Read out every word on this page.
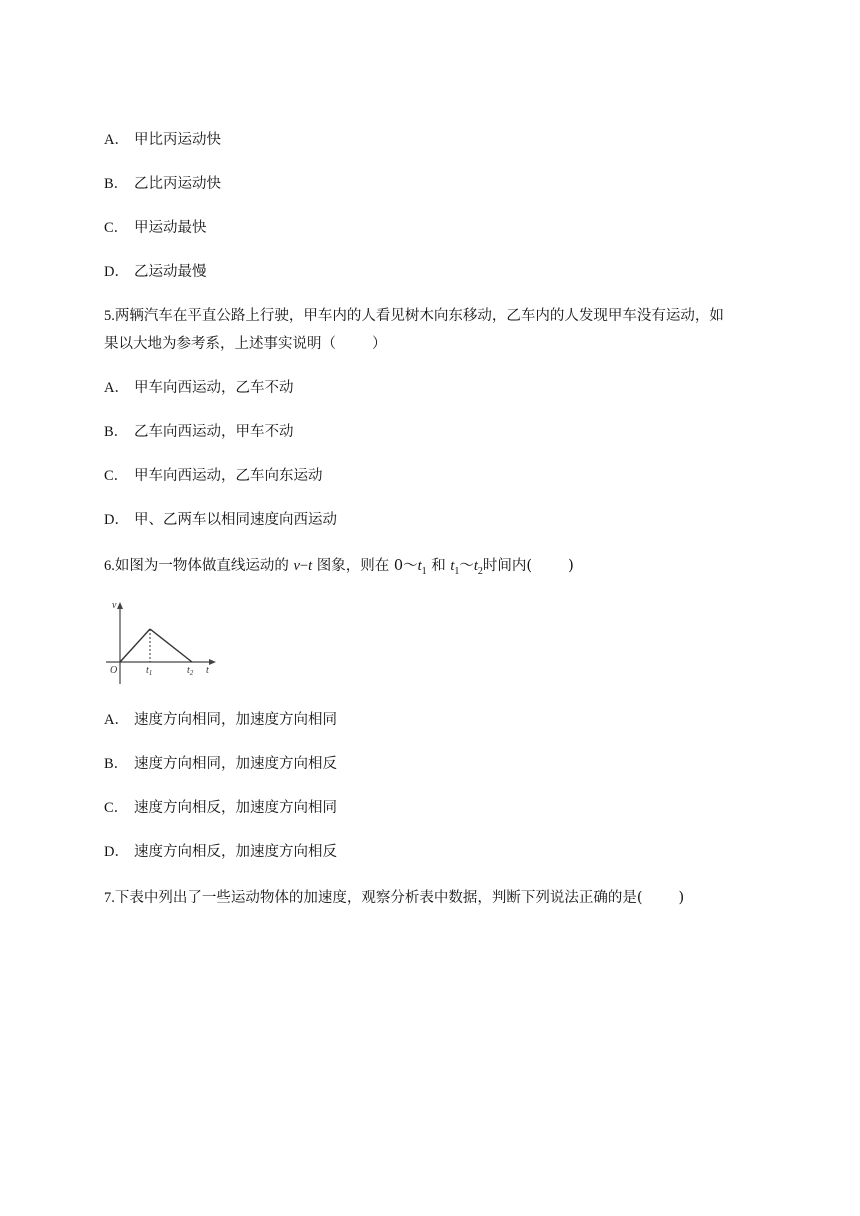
A． 甲比丙运动快
B． 乙比丙运动快
C． 甲运动最快
D． 乙运动最慢
5.两辆汽车在平直公路上行驶，甲车内的人看见树木向东移动，乙车内的人发现甲车没有运动，如
果以大地为参考系，上述事实说明（ ）
A． 甲车向西运动，乙车不动
B． 乙车向西运动，甲车不动
C． 甲车向西运动，乙车向东运动
D． 甲、乙两车以相同速度向西运动
6.如图为一物体做直线运动的 v−t 图象，则在 $0\sim t_1$ 和 $t_1\sim t_2$时间内( )
v
O	$t_1$	$t_2$ t
A． 速度方向相同，加速度方向相同
B． 速度方向相同，加速度方向相反
C． 速度方向相反，加速度方向相同
D． 速度方向相反，加速度方向相反
7.下表中列出了一些运动物体的加速度，观察分析表中数据，判断下列说法正确的是( )
